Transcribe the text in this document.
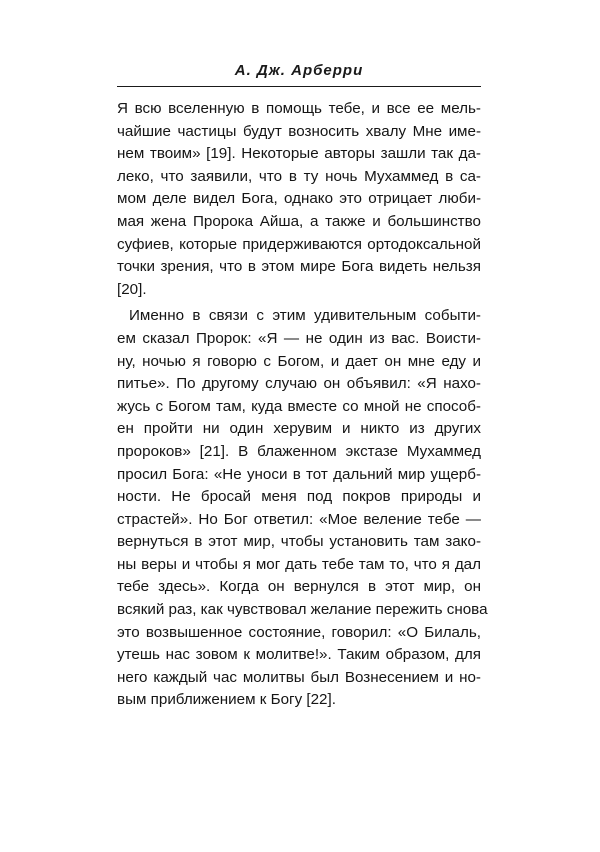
А. Дж. Арберри
Я всю вселенную в помощь тебе, и все ее мель-
чайшие частицы будут возносить хвалу Мне име-
нем твоим» [19]. Некоторые авторы зашли так да-
леко, что заявили, что в ту ночь Мухаммед в са-
мом деле видел Бога, однако это отрицает люби-
мая жена Пророка Айша, а также и большинство
суфиев, которые придерживаются ортодоксальной
точки зрения, что в этом мире Бога видеть нельзя
[20].
Именно в связи с этим удивительным событи-
ем сказал Пророк: «Я — не один из вас. Воисти-
ну, ночью я говорю с Богом, и дает он мне еду и
питье». По другому случаю он объявил: «Я нахо-
жусь с Богом там, куда вместе со мной не способ-
ен пройти ни один херувим и никто из других
пророков» [21]. В блаженном экстазе Мухаммед
просил Бога: «Не уноси в тот дальний мир ущерб-
ности. Не бросай меня под покров природы и
страстей». Но Бог ответил: «Мое веление тебе —
вернуться в этот мир, чтобы установить там зако-
ны веры и чтобы я мог дать тебе там то, что я дал
тебе здесь». Когда он вернулся в этот мир, он
всякий раз, как чувствовал желание пережить снова
это возвышенное состояние, говорил: «О Билаль,
утешь нас зовом к молитве!». Таким образом, для
него каждый час молитвы был Вознесением и но-
вым приближением к Богу [22].
